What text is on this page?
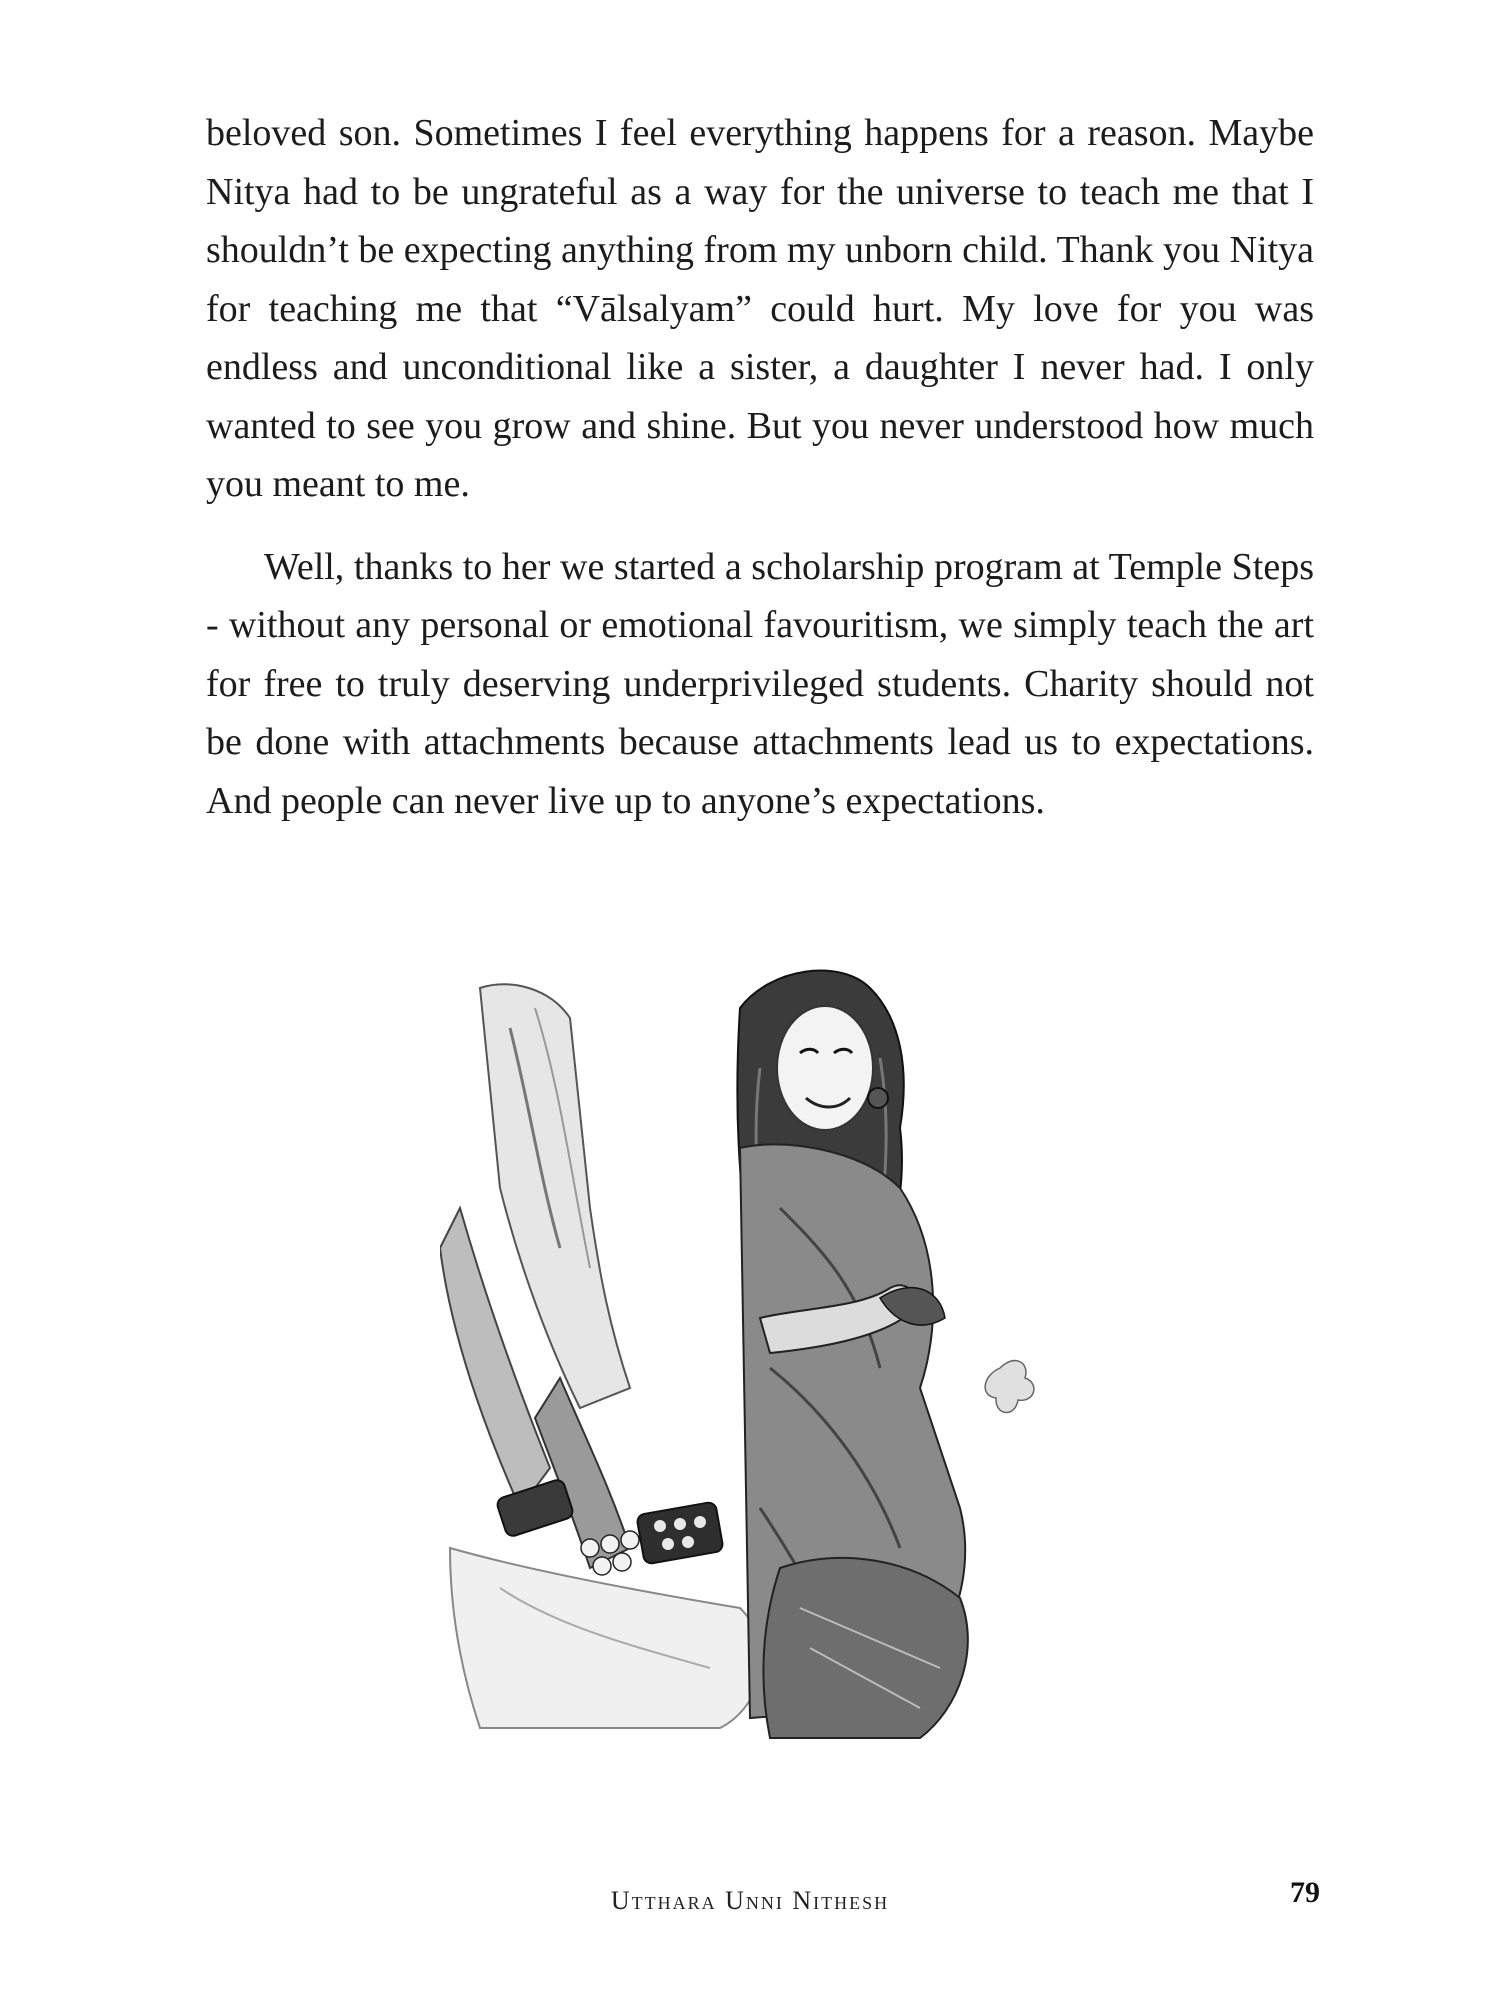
beloved son. Sometimes I feel everything happens for a reason. Maybe Nitya had to be ungrateful as a way for the universe to teach me that I shouldn’t be expecting anything from my unborn child. Thank you Nitya for teaching me that “Vālsalyam” could hurt. My love for you was endless and unconditional like a sister, a daughter I never had. I only wanted to see you grow and shine. But you never understood how much you meant to me.

Well, thanks to her we started a scholarship program at Temple Steps - without any personal or emotional favouritism, we simply teach the art for free to truly deserving underprivileged students. Charity should not be done with attachments because attachments lead us to expectations. And people can never live up to anyone’s expectations.

Utthara Unni Nithesh	79
